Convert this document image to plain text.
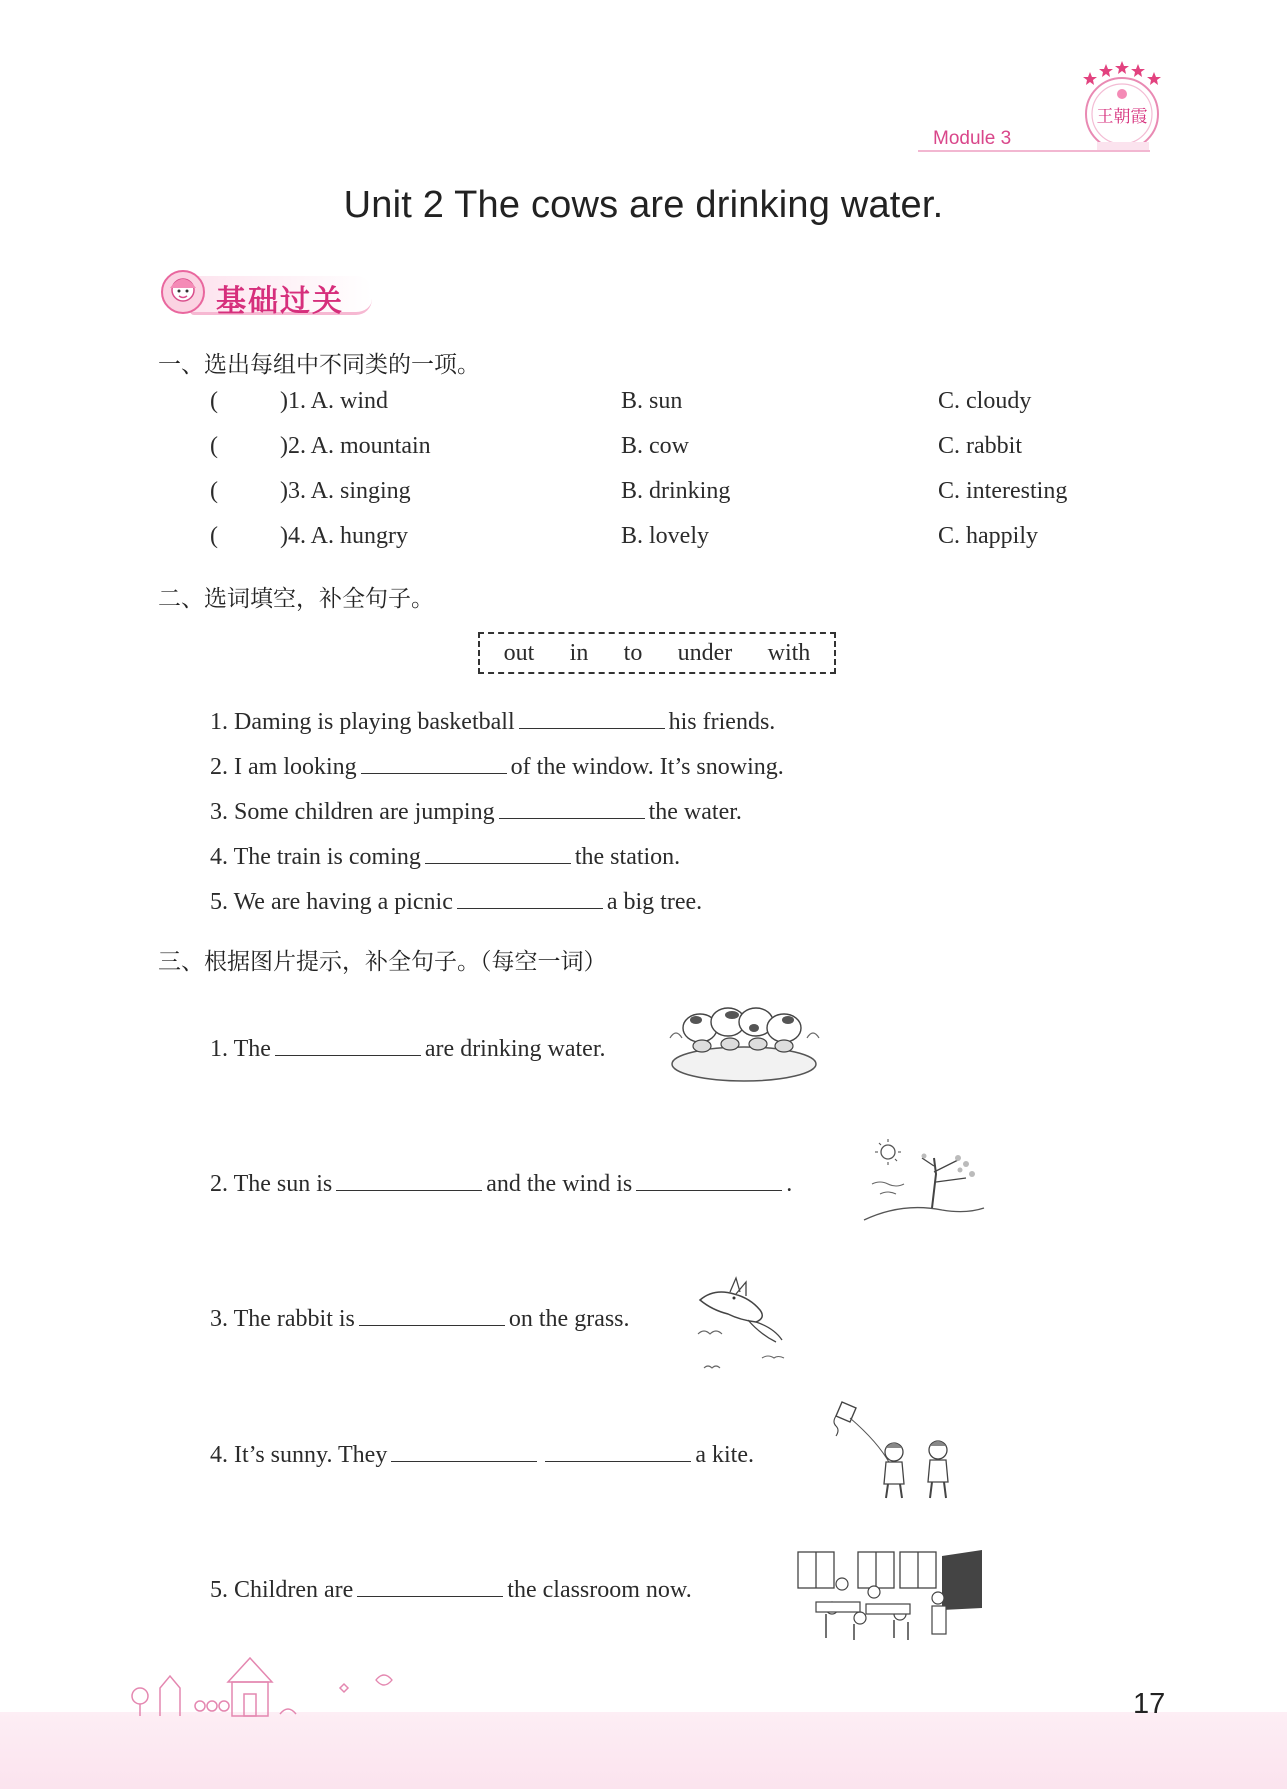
王朝霞
Module 3
Unit 2 The cows are drinking water.
基础过关
一、选出每组中不同类的一项。
(	)1. A. wind	B. sun	C. cloudy
(	)2. A. mountain	B. cow	C. rabbit
(	)3. A. singing	B. drinking	C. interesting
(	)4. A. hungry	B. lovely	C. happily
二、选词填空，补全句子。
out in to under with
1. Daming is playing basketball	his friends.
2. I am looking	of the window. It’s snowing.
3. Some children are jumping	the water.
4. The train is coming	the station.
5. We are having a picnic	a big tree.
三、根据图片提示，补全句子。（每空一词）
1. The	are drinking water.
2. The sun is	and the wind is	.
3. The rabbit is	on the grass.
4. It’s sunny. They	a kite.
5. Children are	the classroom now.
17
